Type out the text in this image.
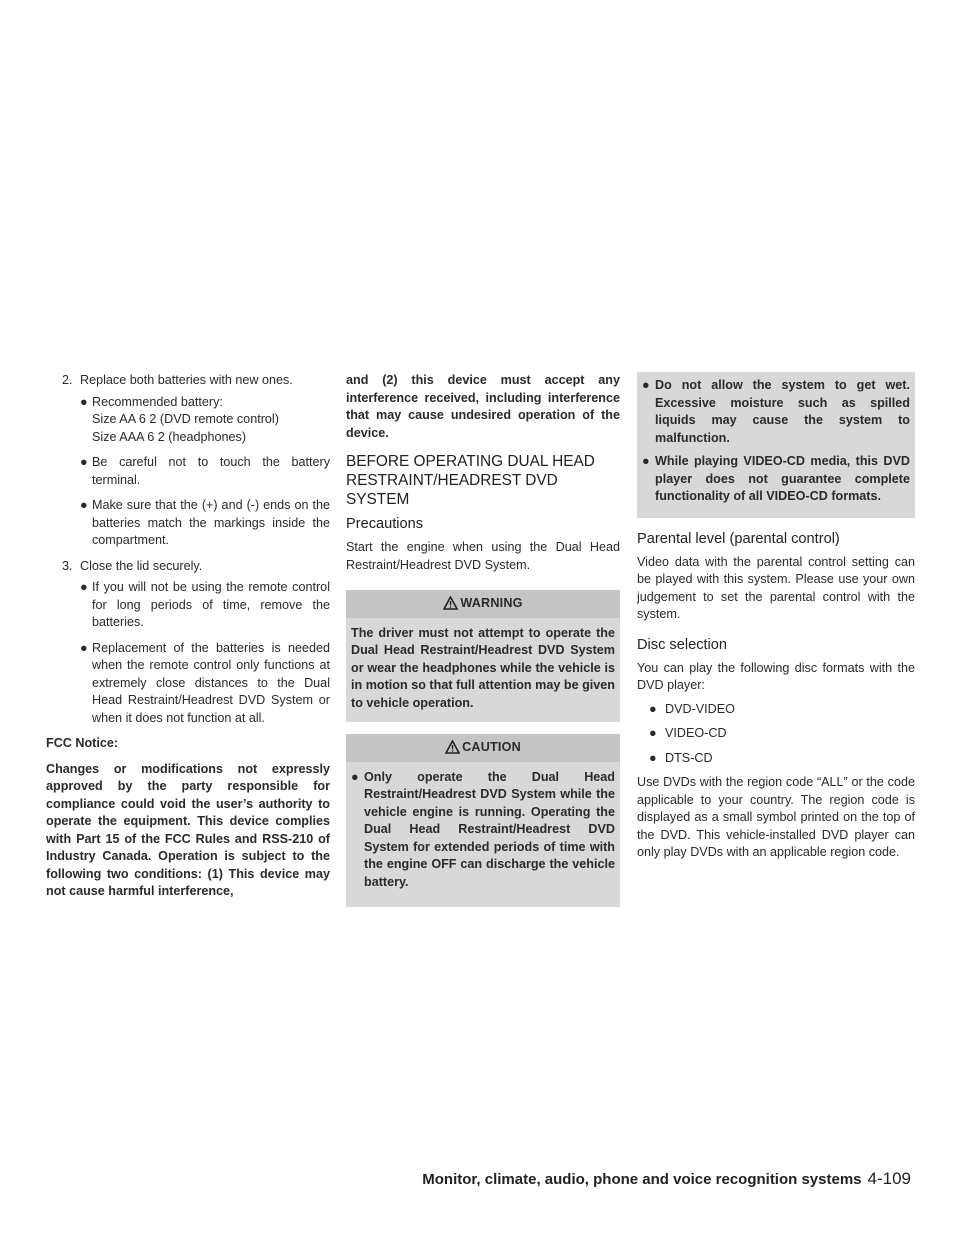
2. Replace both batteries with new ones.
● Recommended battery:
Size AA 6 2 (DVD remote control)
Size AAA 6 2 (headphones)
● Be careful not to touch the battery terminal.
● Make sure that the (+) and (-) ends on the batteries match the markings inside the compartment.
3. Close the lid securely.
● If you will not be using the remote control for long periods of time, remove the batteries.
● Replacement of the batteries is needed when the remote control only functions at extremely close distances to the Dual Head Restraint/Headrest DVD System or when it does not function at all.
FCC Notice:
Changes or modifications not expressly approved by the party responsible for compliance could void the user’s authority to operate the equipment. This device complies with Part 15 of the FCC Rules and RSS-210 of Industry Canada. Operation is subject to the following two conditions: (1) This device may not cause harmful interference,
and (2) this device must accept any interference received, including interference that may cause undesired operation of the device.
BEFORE OPERATING DUAL HEAD RESTRAINT/HEADREST DVD SYSTEM
Precautions
Start the engine when using the Dual Head Restraint/Headrest DVD System.
WARNING
The driver must not attempt to operate the Dual Head Restraint/Headrest DVD System or wear the headphones while the vehicle is in motion so that full attention may be given to vehicle operation.
CAUTION
● Only operate the Dual Head Restraint/Headrest DVD System while the vehicle engine is running. Operating the Dual Head Restraint/Headrest DVD System for extended periods of time with the engine OFF can discharge the vehicle battery.
● Do not allow the system to get wet. Excessive moisture such as spilled liquids may cause the system to malfunction.
● While playing VIDEO-CD media, this DVD player does not guarantee complete functionality of all VIDEO-CD formats.
Parental level (parental control)
Video data with the parental control setting can be played with this system. Please use your own judgement to set the parental control with the system.
Disc selection
You can play the following disc formats with the DVD player:
● DVD-VIDEO
● VIDEO-CD
● DTS-CD
Use DVDs with the region code “ALL” or the code applicable to your country. The region code is displayed as a small symbol printed on the top of the DVD. This vehicle-installed DVD player can only play DVDs with an applicable region code.
Monitor, climate, audio, phone and voice recognition systems 4-109
